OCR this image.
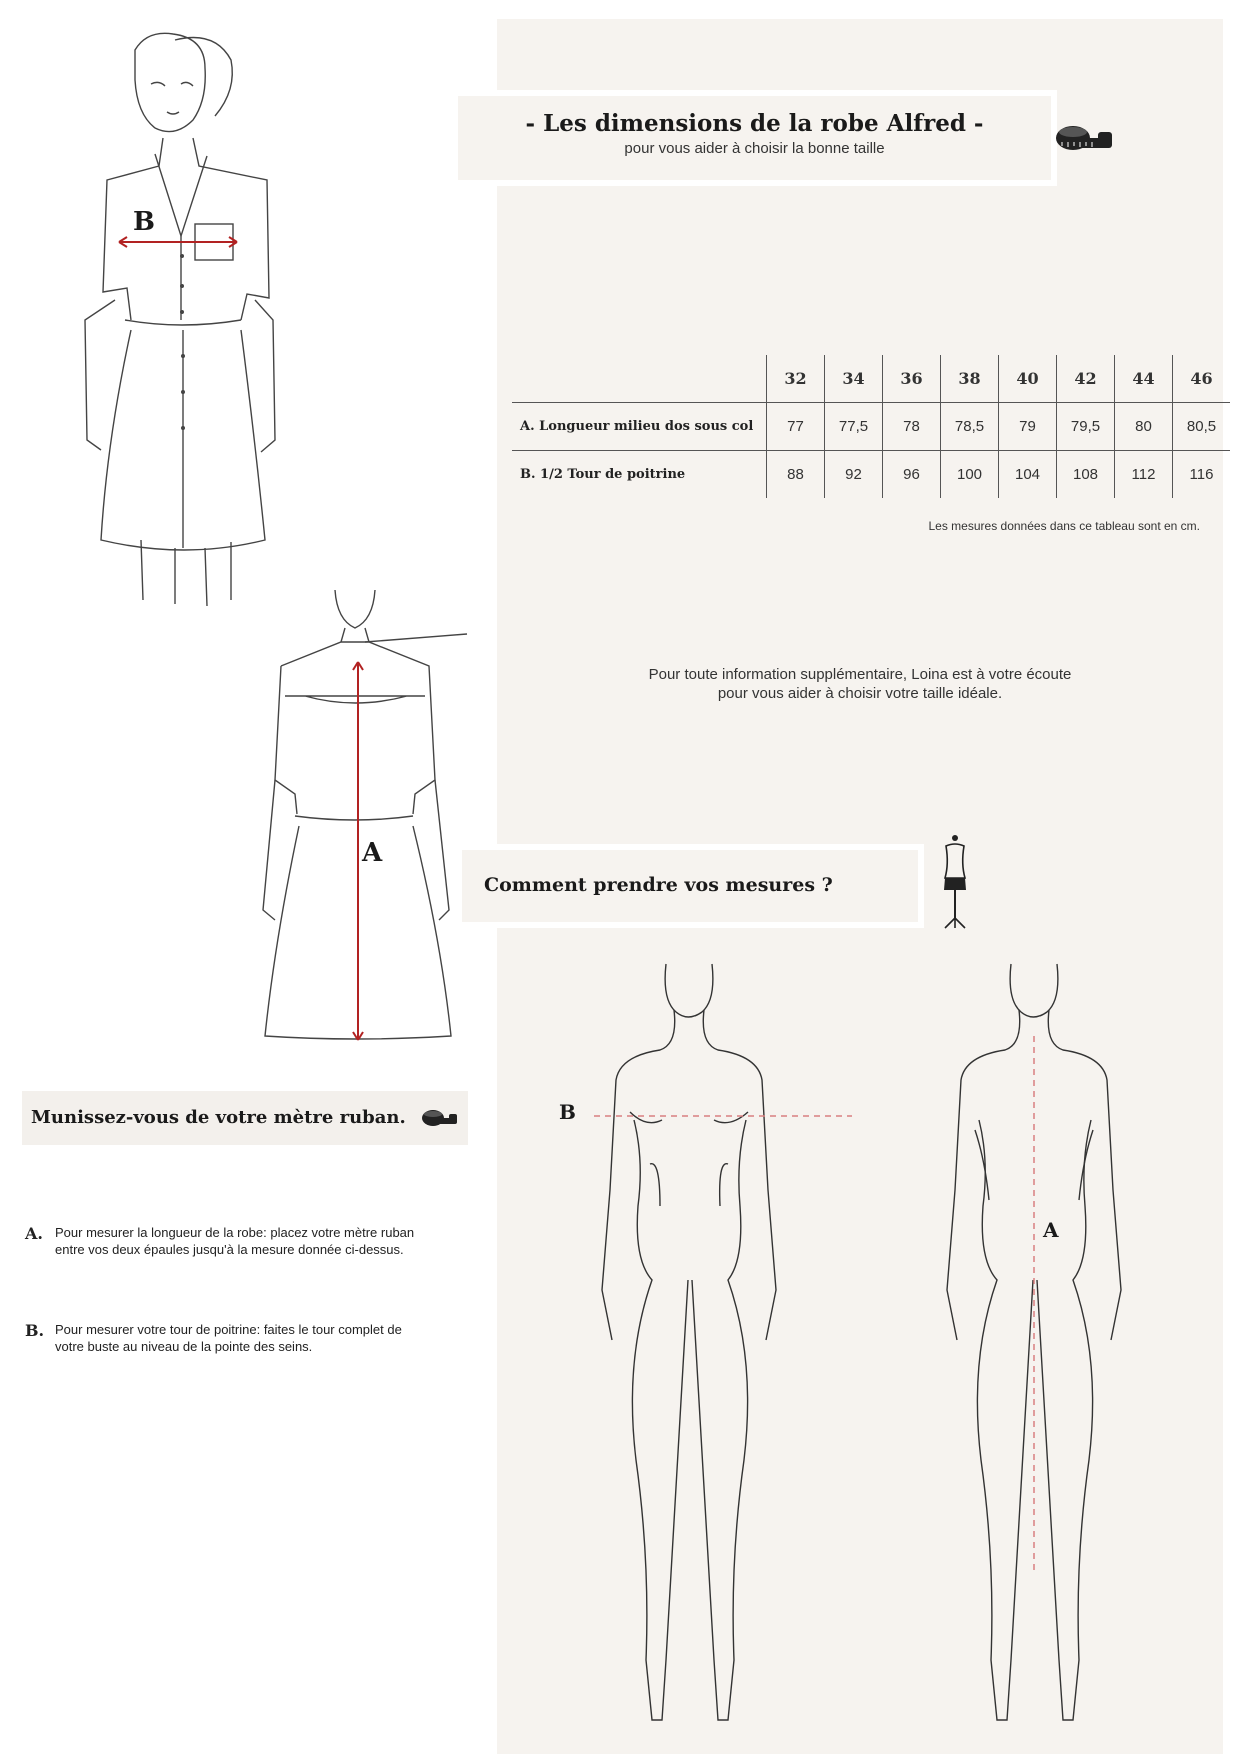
- Les dimensions de la robe Alfred -
pour vous aider à choisir la bonne taille
	32	34	36	38	40	42	44	46
A. Longueur milieu dos sous col	77	77,5	78	78,5	79	79,5	80	80,5
B. 1/2 Tour de poitrine	88	92	96	100	104	108	112	116
Les mesures données dans ce tableau sont en cm.
Pour toute information supplémentaire, Loina est à votre écoute
pour vous aider à choisir votre taille idéale.
Comment prendre vos mesures ?
B
A
Munissez-vous de votre mètre ruban.
A. Pour mesurer la longueur de la robe: placez votre mètre ruban entre vos deux épaules jusqu'à la mesure donnée ci-dessus.
B. Pour mesurer votre tour de poitrine: faites le tour complet de votre buste au niveau de la pointe des seins.
B
A
